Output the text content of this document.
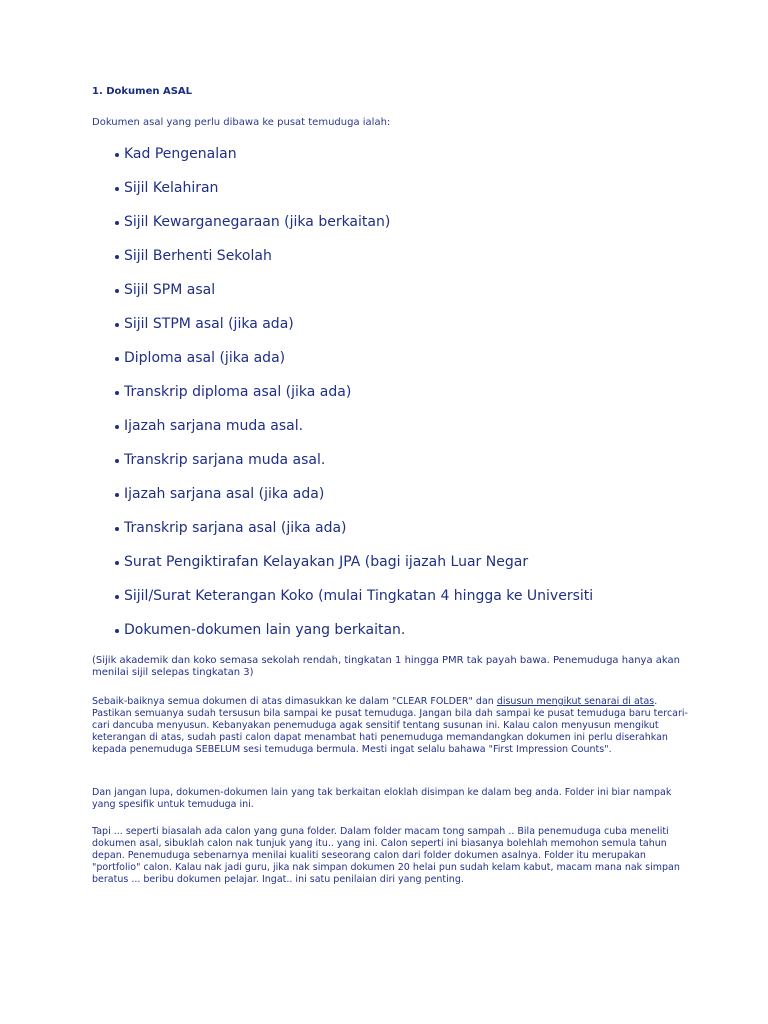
1. Dokumen ASAL

Dokumen asal yang perlu dibawa ke pusat temuduga ialah:

Kad Pengenalan
Sijil Kelahiran
Sijil Kewarganegaraan (jika berkaitan)
Sijil Berhenti Sekolah
Sijil SPM asal
Sijil STPM asal (jika ada)
Diploma asal (jika ada)
Transkrip diploma asal (jika ada)
Ijazah sarjana muda asal.
Transkrip sarjana muda asal.
Ijazah sarjana asal (jika ada)
Transkrip sarjana asal (jika ada)
Surat Pengiktirafan Kelayakan JPA (bagi ijazah Luar Negar
Sijil/Surat Keterangan Koko (mulai Tingkatan 4 hingga ke Universiti
Dokumen-dokumen lain yang berkaitan.

(Sijik akademik dan koko semasa sekolah rendah, tingkatan 1 hingga PMR tak payah bawa. Penemuduga hanya akan menilai sijil selepas tingkatan 3)

Sebaik-baiknya semua dokumen di atas dimasukkan ke dalam "CLEAR FOLDER" dan disusun mengikut senarai di atas. Pastikan semuanya sudah tersusun bila sampai ke pusat temuduga. Jangan bila dah sampai ke pusat temuduga baru tercari-cari dancuba menyusun. Kebanyakan penemuduga agak sensitif tentang susunan ini. Kalau calon menyusun mengikut keterangan di atas, sudah pasti calon dapat menambat hati penemuduga memandangkan dokumen ini perlu diserahkan kepada penemuduga SEBELUM sesi temuduga bermula. Mesti ingat selalu bahawa "First Impression Counts".

Dan jangan lupa, dokumen-dokumen lain yang tak berkaitan eloklah disimpan ke dalam beg anda. Folder ini biar nampak yang spesifik untuk temuduga ini.

Tapi ... seperti biasalah ada calon yang guna folder. Dalam folder macam tong sampah .. Bila penemuduga cuba meneliti dokumen asal, sibuklah calon nak tunjuk yang itu.. yang ini. Calon seperti ini biasanya bolehlah memohon semula tahun depan. Penemuduga sebenarnya menilai kualiti seseorang calon dari folder dokumen asalnya. Folder itu merupakan "portfolio" calon. Kalau nak jadi guru, jika nak simpan dokumen 20 helai pun sudah kelam kabut, macam mana nak simpan beratus ... beribu dokumen pelajar. Ingat.. ini satu penilaian diri yang penting.
